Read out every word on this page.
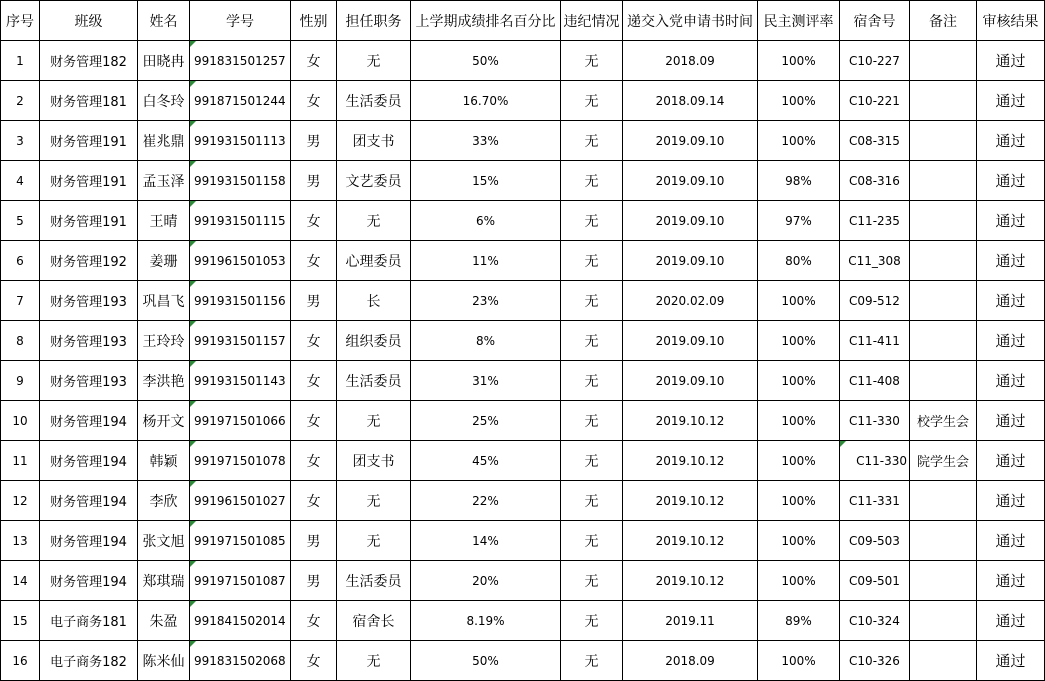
序号	班级	姓名	学号	性别	担任职务	上学期成绩排名百分比	违纪情况	递交入党申请书时间	民主测评率	宿舍号	备注	审核结果
1	财务管理182	田晓冉	991831501257	女	无	50%	无	2018.09	100%	C10-227		通过
2	财务管理181	白冬玲	991871501244	女	生活委员	16.70%	无	2018.09.14	100%	C10-221		通过
3	财务管理191	崔兆鼎	991931501113	男	团支书	33%	无	2019.09.10	100%	C08-315		通过
4	财务管理191	孟玉泽	991931501158	男	文艺委员	15%	无	2019.09.10	98%	C08-316		通过
5	财务管理191	王晴	991931501115	女	无	6%	无	2019.09.10	97%	C11-235		通过
6	财务管理192	姜珊	991961501053	女	心理委员	11%	无	2019.09.10	80%	C11_308		通过
7	财务管理193	巩昌飞	991931501156	男	长	23%	无	2020.02.09	100%	C09-512		通过
8	财务管理193	王玲玲	991931501157	女	组织委员	8%	无	2019.09.10	100%	C11-411		通过
9	财务管理193	李洪艳	991931501143	女	生活委员	31%	无	2019.09.10	100%	C11-408		通过
10	财务管理194	杨开文	991971501066	女	无	25%	无	2019.10.12	100%	C11-330	校学生会	通过
11	财务管理194	韩颖	991971501078	女	团支书	45%	无	2019.10.12	100%	C11-330	院学生会	通过
12	财务管理194	李欣	991961501027	女	无	22%	无	2019.10.12	100%	C11-331		通过
13	财务管理194	张文旭	991971501085	男	无	14%	无	2019.10.12	100%	C09-503		通过
14	财务管理194	郑琪瑞	991971501087	男	生活委员	20%	无	2019.10.12	100%	C09-501		通过
15	电子商务181	朱盈	991841502014	女	宿舍长	8.19%	无	2019.11	89%	C10-324		通过
16	电子商务182	陈米仙	991831502068	女	无	50%	无	2018.09	100%	C10-326		通过
